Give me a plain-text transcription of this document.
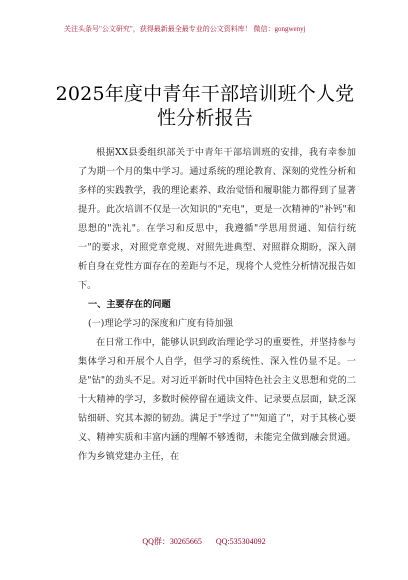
关注头条号"公文研究"，获得最新最全最专业的公文资料库！ 微信：gongwenyj
2025年度中青年干部培训班个人党
性分析报告

根据XX县委组织部关于中青年干部培训班的安排，我有幸参加了为期一个月的集中学习。通过系统的理论教育、深刻的党性分析和多样的实践教学，我的理论素养、政治觉悟和履职能力都得到了显著提升。此次培训不仅是一次知识的"充电"，更是一次精神的"补钙"和思想的"洗礼"。在学习和反思中，我遵循"学思用贯通、知信行统一"的要求，对照党章党规、对照先进典型、对照群众期盼，深入剖析自身在党性方面存在的差距与不足，现将个人党性分析情况报告如下。

一、主要存在的问题

(一)理论学习的深度和广度有待加强

在日常工作中，能够认识到政治理论学习的重要性，并坚持参与集体学习和开展个人自学，但学习的系统性、深入性仍显不足。一是"钻"的劲头不足。对习近平新时代中国特色社会主义思想和党的二十大精神的学习，多数时候停留在通读文件、记录要点层面，缺乏深钻细研、究其本源的韧劲。满足于"学过了""知道了"，对于其核心要义、精神实质和丰富内涵的理解不够透彻，未能完全做到融会贯通。作为乡镇党建办主任，在

QQ群：30265665 QQ:535304092
